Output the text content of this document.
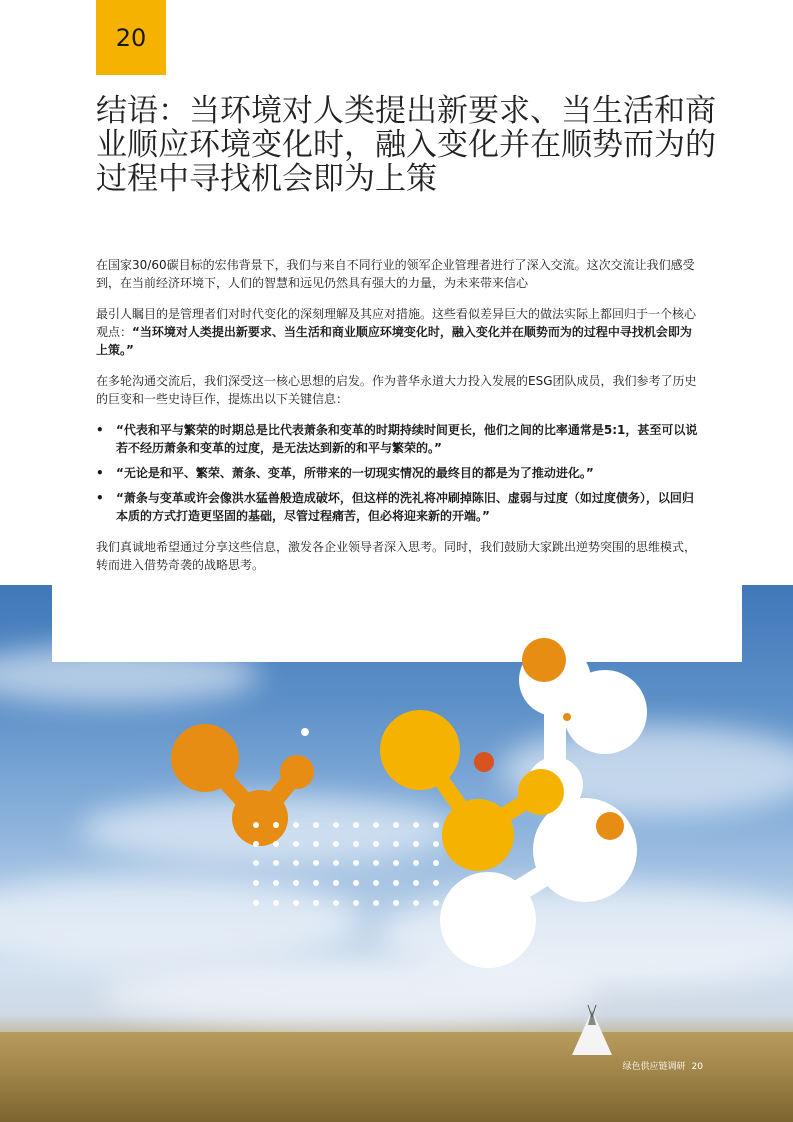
20
结语：当环境对人类提出新要求、当生活和商业顺应环境变化时，融入变化并在顺势而为的过程中寻找机会即为上策

在国家30/60碳目标的宏伟背景下，我们与来自不同行业的领军企业管理者进行了深入交流。这次交流让我们感受到，在当前经济环境下，人们的智慧和远见仍然具有强大的力量，为未来带来信心

最引人瞩目的是管理者们对时代变化的深刻理解及其应对措施。这些看似差异巨大的做法实际上都回归于一个核心观点：“当环境对人类提出新要求、当生活和商业顺应环境变化时，融入变化并在顺势而为的过程中寻找机会即为上策。”

在多轮沟通交流后，我们深受这一核心思想的启发。作为普华永道大力投入发展的ESG团队成员，我们参考了历史的巨变和一些史诗巨作，提炼出以下关键信息：

• “代表和平与繁荣的时期总是比代表萧条和变革的时期持续时间更长，他们之间的比率通常是5:1，甚至可以说若不经历萧条和变革的过度，是无法达到新的和平与繁荣的。”
• “无论是和平、繁荣、萧条、变革，所带来的一切现实情况的最终目的都是为了推动进化。”
• “萧条与变革或许会像洪水猛兽般造成破坏，但这样的洗礼将冲刷掉陈旧、虚弱与过度（如过度债务），以回归本质的方式打造更坚固的基础，尽管过程痛苦，但必将迎来新的开端。”

我们真诚地希望通过分享这些信息，激发各企业领导者深入思考。同时，我们鼓励大家跳出逆势突围的思维模式，转而进入借势奇袭的战略思考。

绿色供应链调研 20
